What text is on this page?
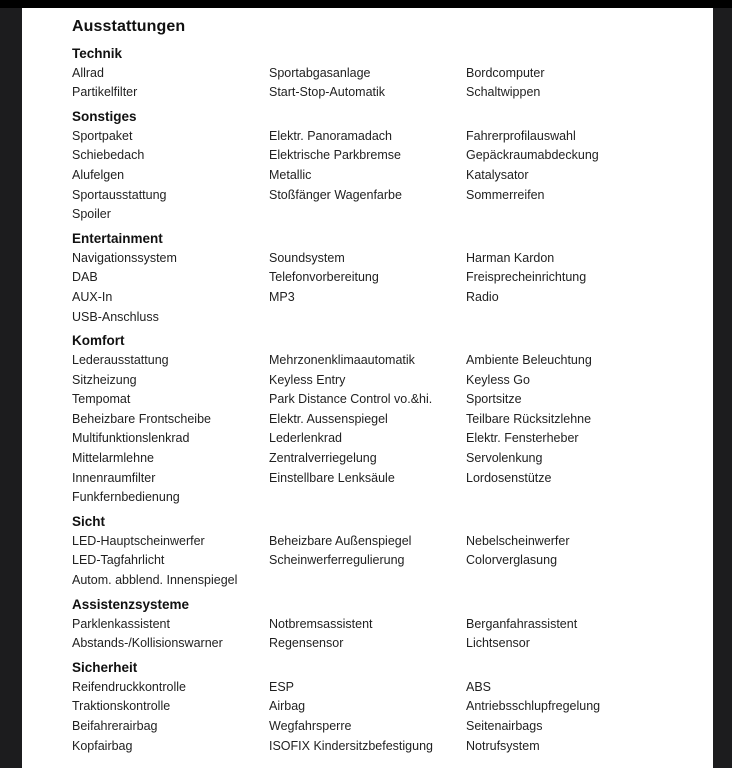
Ausstattungen
Technik
Allrad	Sportabgasanlage	Bordcomputer
Partikelfilter	Start-Stop-Automatik	Schaltwippen
Sonstiges
Sportpaket	Elektr. Panoramadach	Fahrerprofilauswahl
Schiebedach	Elektrische Parkbremse	Gepäckraumabdeckung
Alufelgen	Metallic	Katalysator
Sportausstattung	Stoßfänger Wagenfarbe	Sommerreifen
Spoiler
Entertainment
Navigationssystem	Soundsystem	Harman Kardon
DAB	Telefonvorbereitung	Freisprecheinrichtung
AUX-In	MP3	Radio
USB-Anschluss
Komfort
Lederausstattung	Mehrzonenklimaautomatik	Ambiente Beleuchtung
Sitzheizung	Keyless Entry	Keyless Go
Tempomat	Park Distance Control vo.&hi.	Sportsitze
Beheizbare Frontscheibe	Elektr. Aussenspiegel	Teilbare Rücksitzlehne
Multifunktionslenkrad	Lederlenkrad	Elektr. Fensterheber
Mittelarmlehne	Zentralverriegelung	Servolenkung
Innenraumfilter	Einstellbare Lenksäule	Lordosenstütze
Funkfernbedienung
Sicht
LED-Hauptscheinwerfer	Beheizbare Außenspiegel	Nebelscheinwerfer
LED-Tagfahrlicht	Scheinwerferregulierung	Colorverglasung
Autom. abblend. Innenspiegel
Assistenzsysteme
Parklenkassistent	Notbremsassistent	Berganfahrassistent
Abstands-/Kollisionswarner	Regensensor	Lichtsensor
Sicherheit
Reifendruckkontrolle	ESP	ABS
Traktionskontrolle	Airbag	Antriebsschlupfregelung
Beifahrerairbag	Wegfahrsperre	Seitenairbags
Kopfairbag	ISOFIX Kindersitzbefestigung	Notrufsystem
